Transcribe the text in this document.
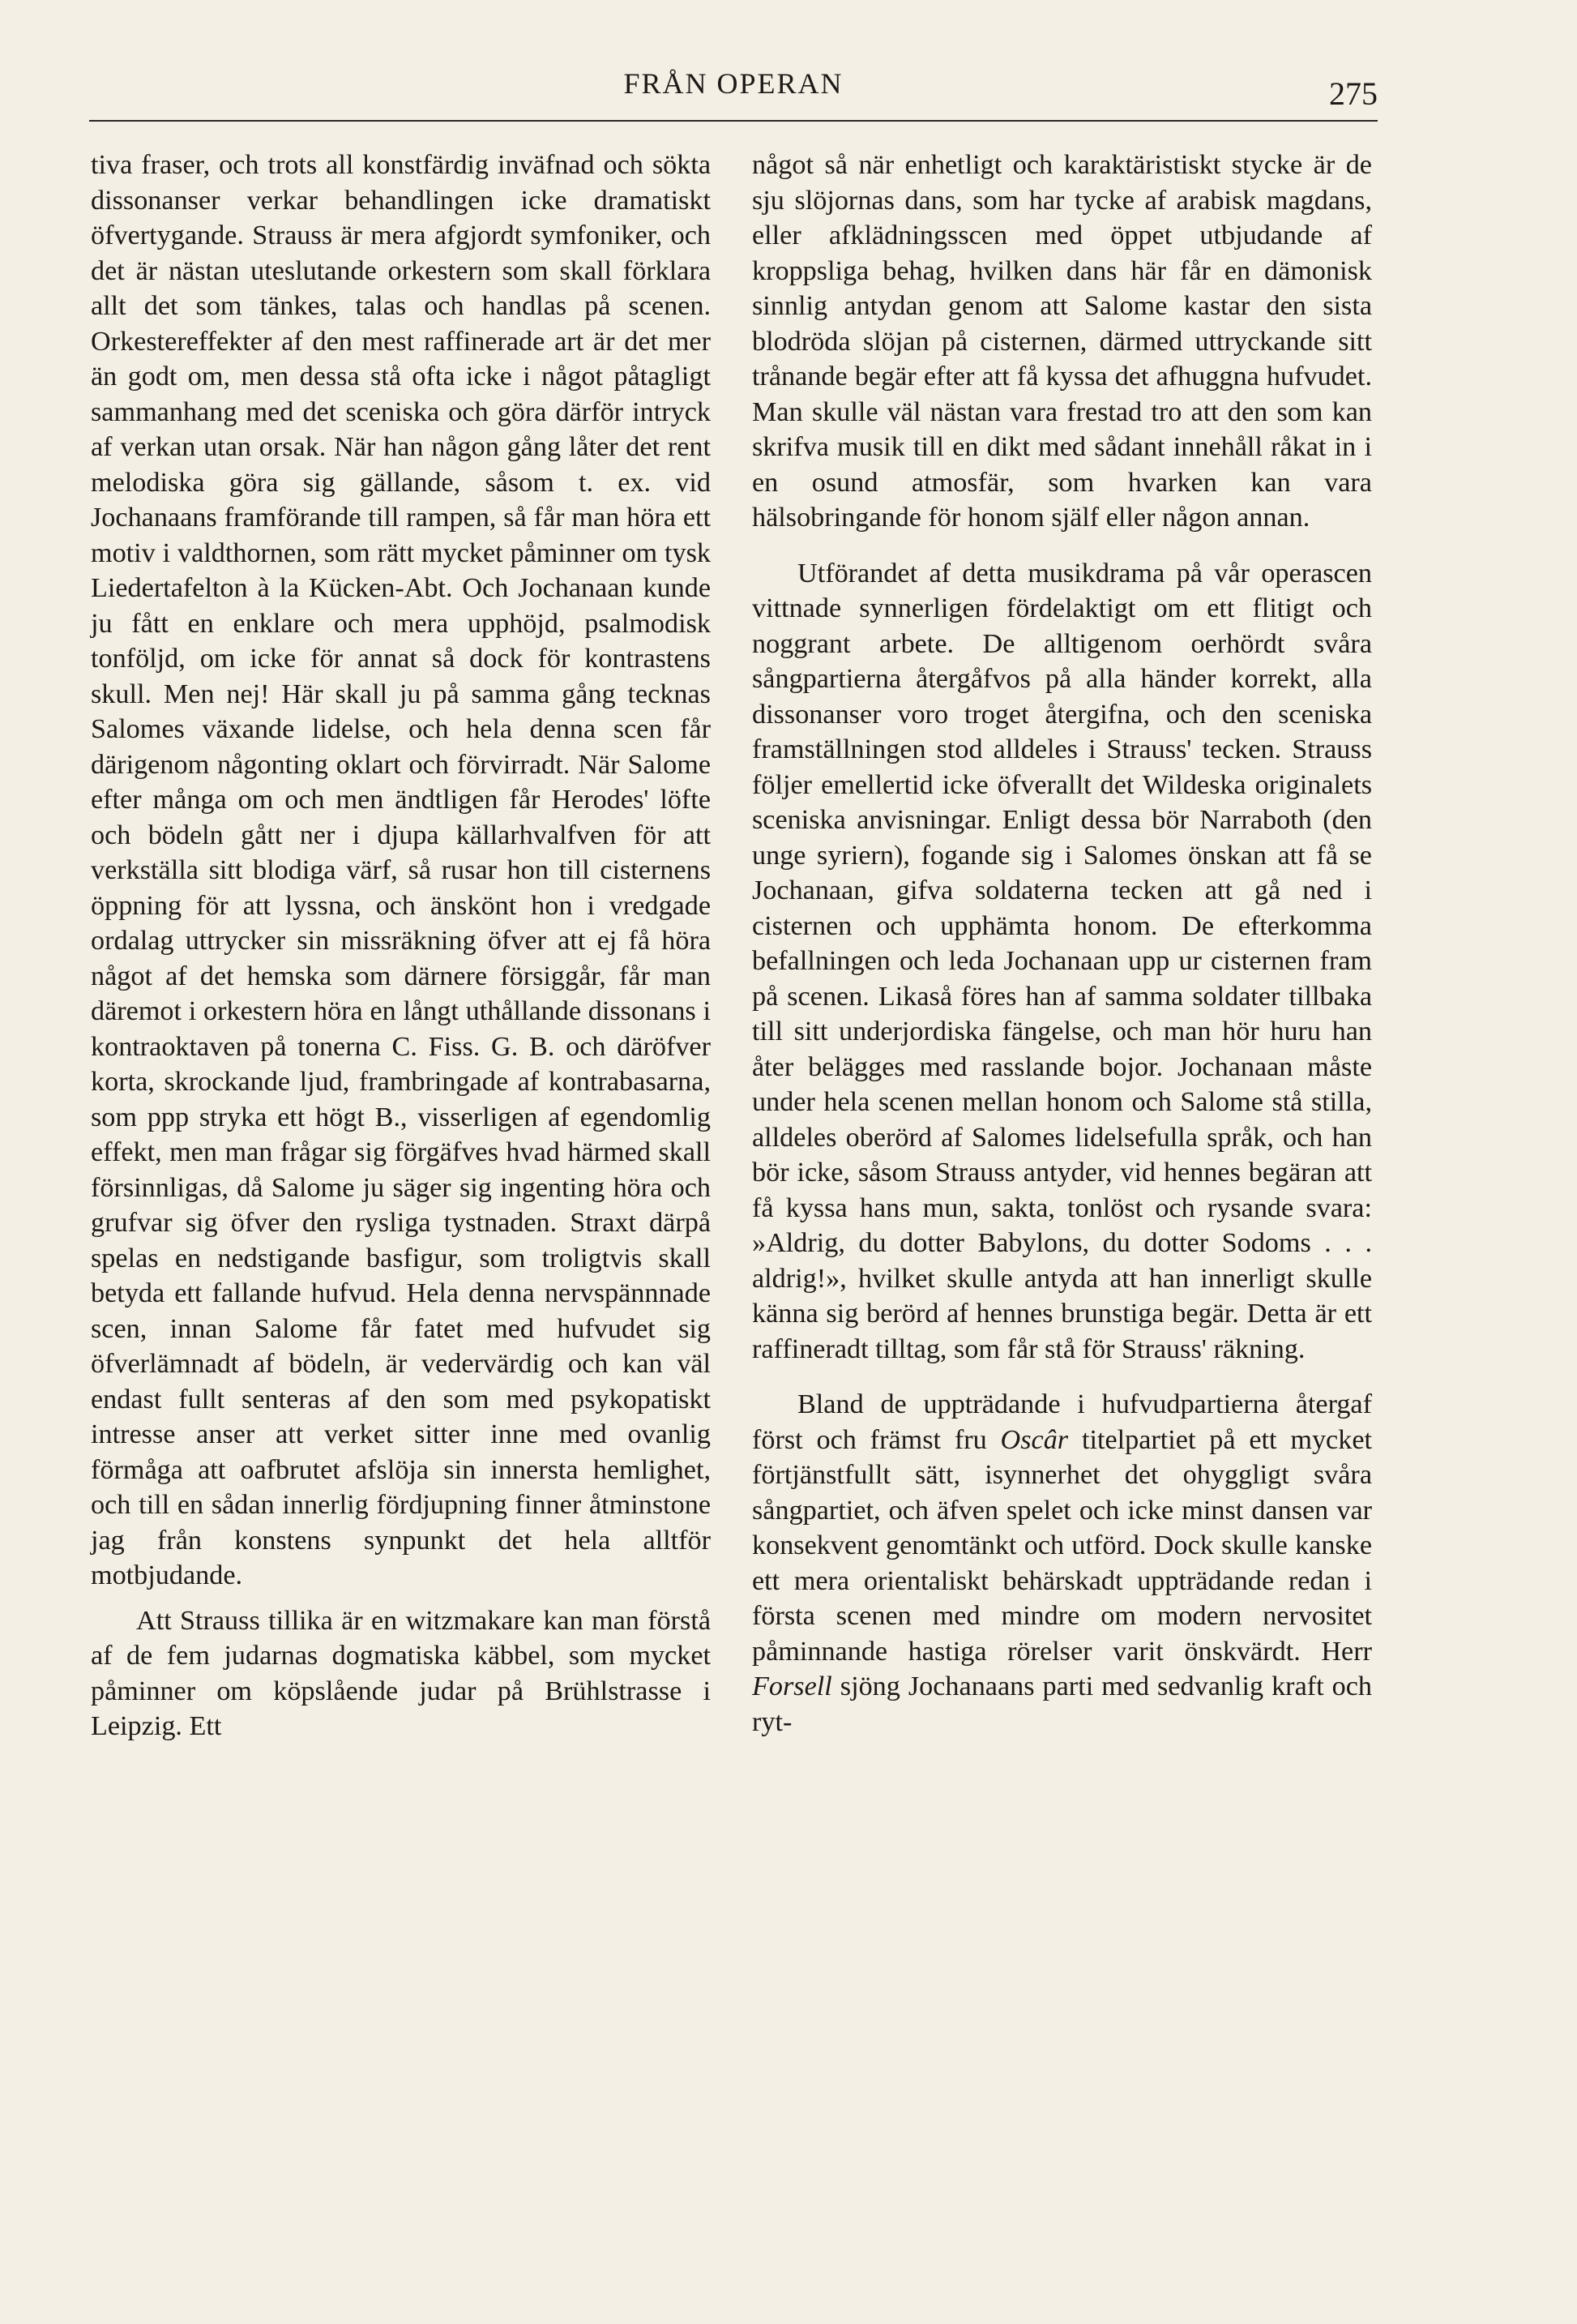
FRÅN OPERAN	275

tiva fraser, och trots all konstfärdig inväfnad och sökta dissonanser verkar behandlingen icke dramatiskt öfvertygande. Strauss är mera afgjordt symfoniker, och det är nästan uteslutande orkestern som skall förklara allt det som tänkes, talas och handlas på scenen. Orkestereffekter af den mest raffinerade art är det mer än godt om, men dessa stå ofta icke i något påtagligt sammanhang med det sceniska och göra därför intryck af verkan utan orsak. När han någon gång låter det rent melodiska göra sig gällande, såsom t. ex. vid Jochanaans framförande till rampen, så får man höra ett motiv i valdthornen, som rätt mycket påminner om tysk Liedertafelton à la Kücken-Abt. Och Jochanaan kunde ju fått en enklare och mera upphöjd, psalmodisk tonföljd, om icke för annat så dock för kontrastens skull. Men nej! Här skall ju på samma gång tecknas Salomes växande lidelse, och hela denna scen får därigenom någonting oklart och förvirradt. När Salome efter många om och men ändtligen får Herodes' löfte och bödeln gått ner i djupa källarhvalfven för att verkställa sitt blodiga värf, så rusar hon till cisternens öppning för att lyssna, och änskönt hon i vredgade ordalag uttrycker sin missräkning öfver att ej få höra något af det hemska som därnere försiggår, får man däremot i orkestern höra en långt uthållande dissonans i kontraoktaven på tonerna C. Fiss. G. B. och däröfver korta, skrockande ljud, frambringade af kontrabasarna, som ppp stryka ett högt B., visserligen af egendomlig effekt, men man frågar sig förgäfves hvad härmed skall försinnligas, då Salome ju säger sig ingenting höra och grufvar sig öfver den rysliga tystnaden. Straxt därpå spelas en nedstigande basfigur, som troligtvis skall betyda ett fallande hufvud. Hela denna nervspännnade scen, innan Salome får fatet med hufvudet sig öfverlämnadt af bödeln, är vedervärdig och kan väl endast fullt senteras af den som med psykopatiskt intresse anser att verket sitter inne med ovanlig förmåga att oafbrutet afslöja sin innersta hemlighet, och till en sådan innerlig fördjupning finner åtminstone jag från konstens synpunkt det hela alltför motbjudande.

Att Strauss tillika är en witzmakare kan man förstå af de fem judarnas dogmatiska käbbel, som mycket påminner om köpslående judar på Brühlstrasse i Leipzig. Ett

något så när enhetligt och karaktäristiskt stycke är de sju slöjornas dans, som har tycke af arabisk magdans, eller afklädningsscen med öppet utbjudande af kroppsliga behag, hvilken dans här får en dämonisk sinnlig antydan genom att Salome kastar den sista blodröda slöjan på cisternen, därmed uttryckande sitt trånande begär efter att få kyssa det afhuggna hufvudet. Man skulle väl nästan vara frestad tro att den som kan skrifva musik till en dikt med sådant innehåll råkat in i en osund atmosfär, som hvarken kan vara hälsobringande för honom själf eller någon annan.

Utförandet af detta musikdrama på vår operascen vittnade synnerligen fördelaktigt om ett flitigt och noggrant arbete. De alltigenom oerhördt svåra sångpartierna återgåfvos på alla händer korrekt, alla dissonanser voro troget återgifna, och den sceniska framställningen stod alldeles i Strauss' tecken. Strauss följer emellertid icke öfverallt det Wildeska originalets sceniska anvisningar. Enligt dessa bör Narraboth (den unge syriern), fogande sig i Salomes önskan att få se Jochanaan, gifva soldaterna tecken att gå ned i cisternen och upphämta honom. De efterkomma befallningen och leda Jochanaan upp ur cisternen fram på scenen. Likaså föres han af samma soldater tillbaka till sitt underjordiska fängelse, och man hör huru han åter belägges med rasslande bojor. Jochanaan måste under hela scenen mellan honom och Salome stå stilla, alldeles oberörd af Salomes lidelsefulla språk, och han bör icke, såsom Strauss antyder, vid hennes begäran att få kyssa hans mun, sakta, tonlöst och rysande svara: »Aldrig, du dotter Babylons, du dotter Sodoms . . . aldrig!», hvilket skulle antyda att han innerligt skulle känna sig berörd af hennes brunstiga begär. Detta är ett raffineradt tilltag, som får stå för Strauss' räkning.

Bland de uppträdande i hufvudpartierna återgaf först och främst fru Oscâr titelpartiet på ett mycket förtjänstfullt sätt, isynnerhet det ohyggligt svåra sångpartiet, och äfven spelet och icke minst dansen var konsekvent genomtänkt och utförd. Dock skulle kanske ett mera orientaliskt behärskadt uppträdande redan i första scenen med mindre om modern nervositet påminnande hastiga rörelser varit önskvärdt. Herr Forsell sjöng Jochanaans parti med sedvanlig kraft och ryt-
